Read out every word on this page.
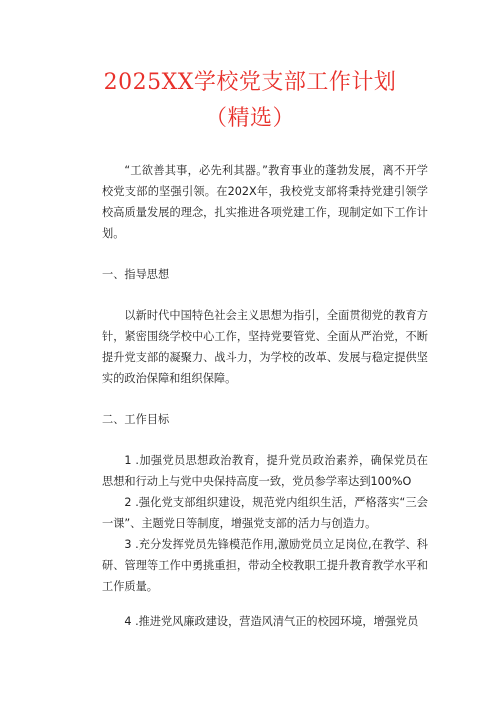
2025XX学校党支部工作计划
（精选）

“工欲善其事，必先利其器。”教育事业的蓬勃发展，离不开学校党支部的坚强引领。在202X年，我校党支部将秉持党建引领学校高质量发展的理念，扎实推进各项党建工作，现制定如下工作计划。

一、指导思想

以新时代中国特色社会主义思想为指引，全面贯彻党的教育方针，紧密围绕学校中心工作，坚持党要管党、全面从严治党，不断提升党支部的凝聚力、战斗力，为学校的改革、发展与稳定提供坚实的政治保障和组织保障。

二、工作目标

1 .加强党员思想政治教育，提升党员政治素养，确保党员在思想和行动上与党中央保持高度一致，党员参学率达到100%O

2 .强化党支部组织建设，规范党内组织生活，严格落实“三会一课”、主题党日等制度，增强党支部的活力与创造力。

3 .充分发挥党员先锋模范作用,激励党员立足岗位,在教学、科研、管理等工作中勇挑重担，带动全校教职工提升教育教学水平和工作质量。

4 .推进党风廉政建设，营造风清气正的校园环境，增强党员
